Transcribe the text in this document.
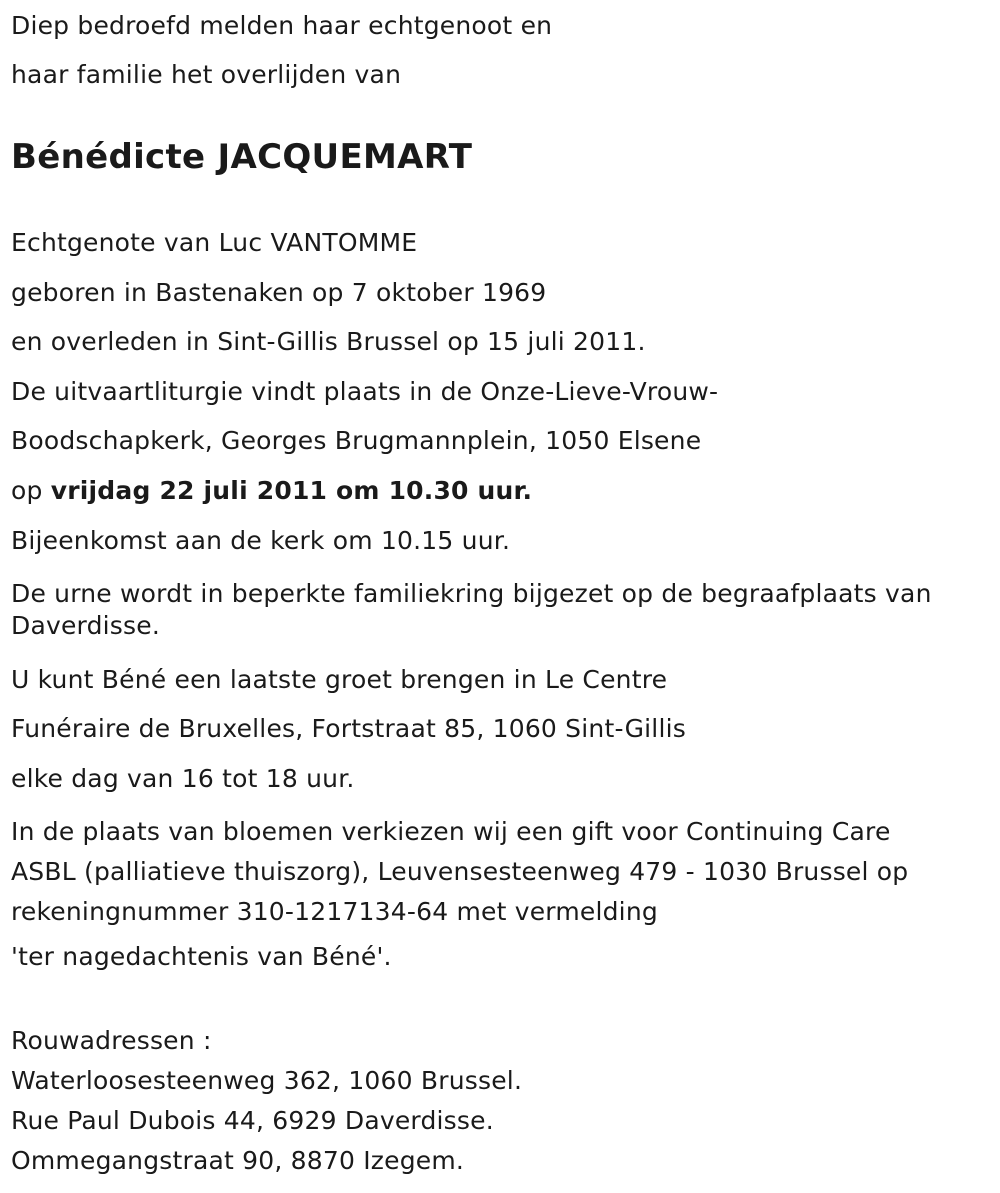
Diep bedroefd melden haar echtgenoot en
haar familie het overlijden van
Bénédicte JACQUEMART
Echtgenote van Luc VANTOMME
geboren in Bastenaken op 7 oktober 1969
en overleden in Sint-Gillis Brussel op 15 juli 2011.
De uitvaartliturgie vindt plaats in de Onze-Lieve-Vrouw-
Boodschapkerk, Georges Brugmannplein, 1050 Elsene
op vrijdag 22 juli 2011 om 10.30 uur.
Bijeenkomst aan de kerk om 10.15 uur.
De urne wordt in beperkte familiekring bijgezet op de begraafplaats van
Daverdisse.
U kunt Béné een laatste groet brengen in Le Centre
Funéraire de Bruxelles, Fortstraat 85, 1060 Sint-Gillis
elke dag van 16 tot 18 uur.
In de plaats van bloemen verkiezen wij een gift voor Continuing Care
ASBL (palliatieve thuiszorg), Leuvensesteenweg 479 - 1030 Brussel op
rekeningnummer 310-1217134-64 met vermelding
'ter nagedachtenis van Béné'.
Rouwadressen :
Waterloosesteenweg 362, 1060 Brussel.
Rue Paul Dubois 44, 6929 Daverdisse.
Ommegangstraat 90, 8870 Izegem.
